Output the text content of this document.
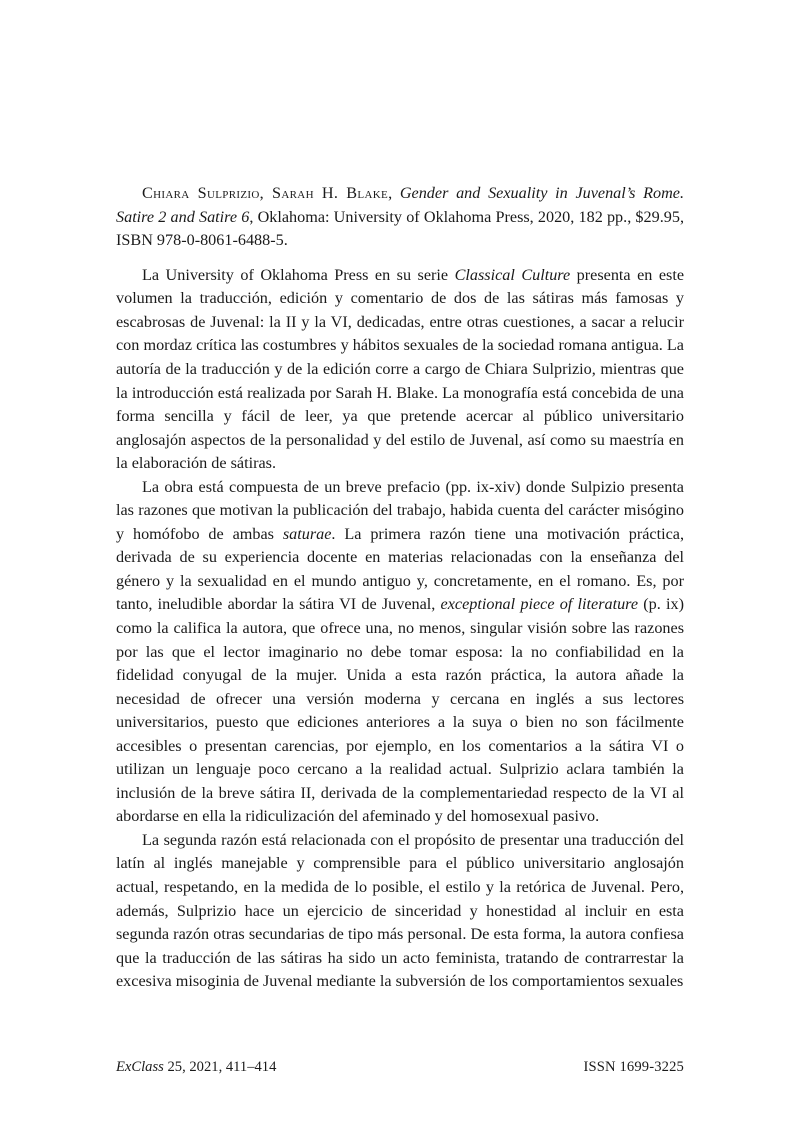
Chiara Sulprizio, Sarah H. Blake, Gender and Sexuality in Juvenal’s Rome. Satire 2 and Satire 6, Oklahoma: University of Oklahoma Press, 2020, 182 pp., $29.95, ISBN 978-0-8061-6488-5.

La University of Oklahoma Press en su serie Classical Culture presenta en este volumen la traducción, edición y comentario de dos de las sátiras más famosas y escabrosas de Juvenal: la II y la VI, dedicadas, entre otras cuestiones, a sacar a relucir con mordaz crítica las costumbres y hábitos sexuales de la sociedad romana antigua. La autoría de la traducción y de la edición corre a cargo de Chiara Sulprizio, mientras que la introducción está realizada por Sarah H. Blake. La monografía está concebida de una forma sencilla y fácil de leer, ya que pretende acercar al público universitario anglosajón aspectos de la personalidad y del estilo de Juvenal, así como su maestría en la elaboración de sátiras.

La obra está compuesta de un breve prefacio (pp. ix-xiv) donde Sulpizio presenta las razones que motivan la publicación del trabajo, habida cuenta del carácter misógino y homófobo de ambas saturae. La primera razón tiene una motivación práctica, derivada de su experiencia docente en materias relacionadas con la enseñanza del género y la sexualidad en el mundo antiguo y, concretamente, en el romano. Es, por tanto, ineludible abordar la sátira VI de Juvenal, exceptional piece of literature (p. ix) como la califica la autora, que ofrece una, no menos, singular visión sobre las razones por las que el lector imaginario no debe tomar esposa: la no confiabilidad en la fidelidad conyugal de la mujer. Unida a esta razón práctica, la autora añade la necesidad de ofrecer una versión moderna y cercana en inglés a sus lectores universitarios, puesto que ediciones anteriores a la suya o bien no son fácilmente accesibles o presentan carencias, por ejemplo, en los comentarios a la sátira VI o utilizan un lenguaje poco cercano a la realidad actual. Sulprizio aclara también la inclusión de la breve sátira II, derivada de la complementariedad respecto de la VI al abordarse en ella la ridiculización del afeminado y del homosexual pasivo.

La segunda razón está relacionada con el propósito de presentar una traducción del latín al inglés manejable y comprensible para el público universitario anglosajón actual, respetando, en la medida de lo posible, el estilo y la retórica de Juvenal. Pero, además, Sulprizio hace un ejercicio de sinceridad y honestidad al incluir en esta segunda razón otras secundarias de tipo más personal. De esta forma, la autora confiesa que la traducción de las sátiras ha sido un acto feminista, tratando de contrarrestar la excesiva misoginia de Juvenal mediante la subversión de los comportamientos sexuales

ExClass 25, 2021, 411–414	ISSN 1699-3225
